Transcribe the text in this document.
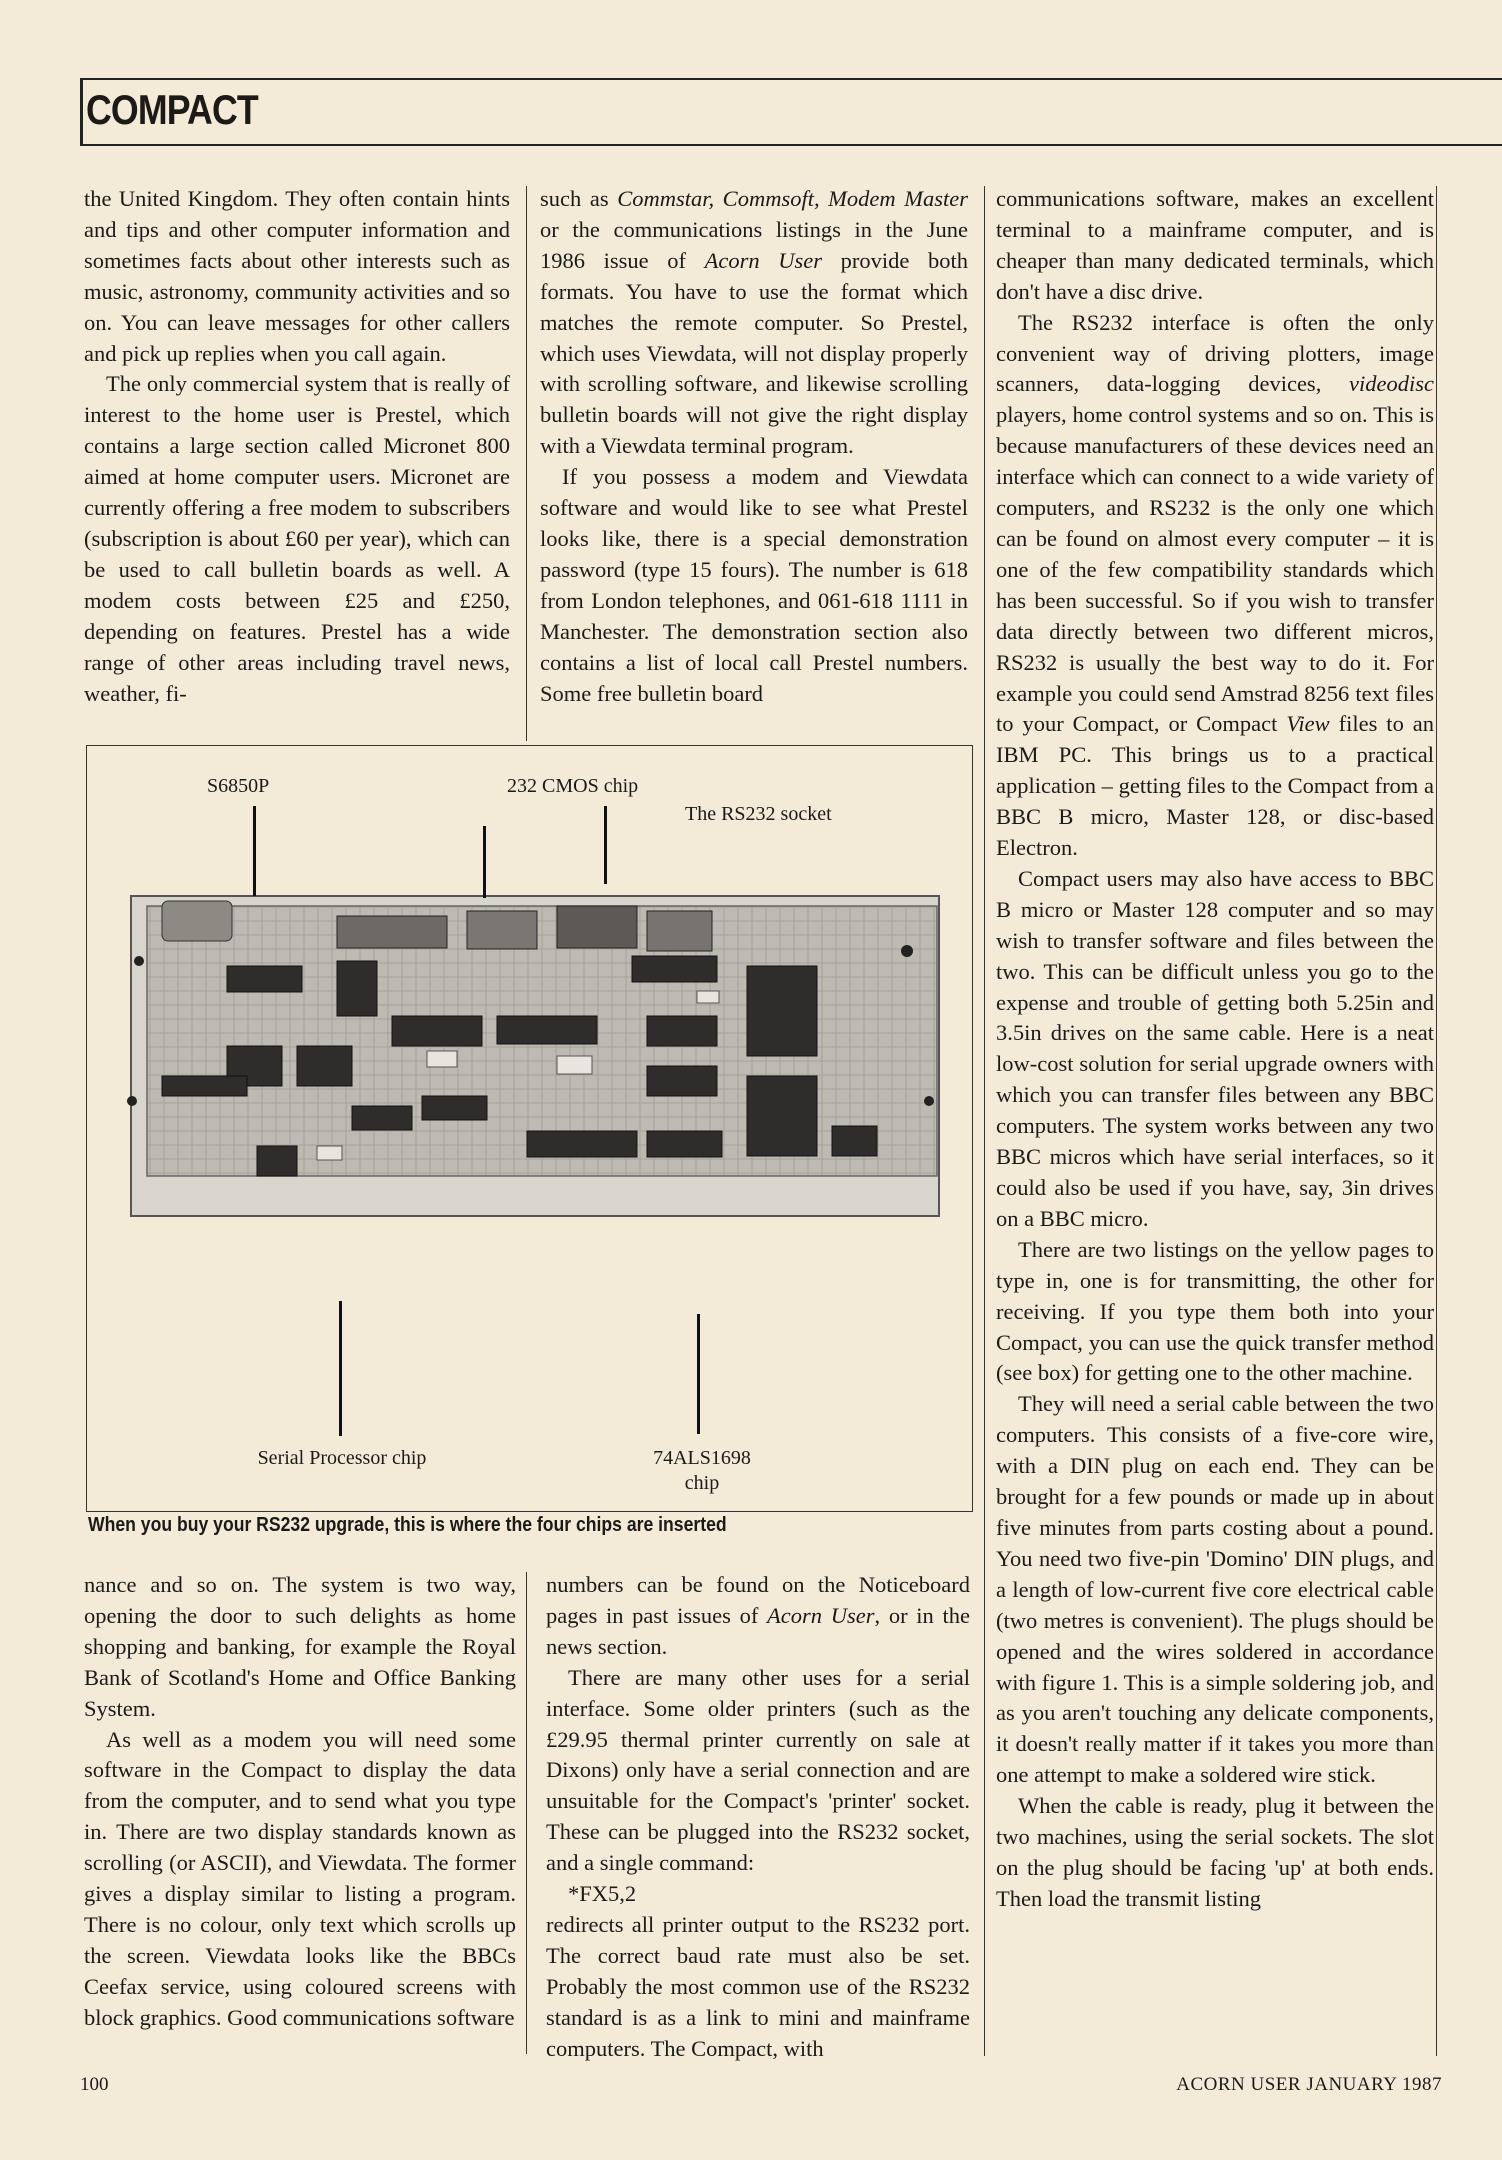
COMPACT

the United Kingdom. They often contain hints and tips and other computer information and sometimes facts about other interests such as music, astronomy, community activities and so on. You can leave messages for other callers and pick up replies when you call again.

The only commercial system that is really of interest to the home user is Prestel, which contains a large section called Micronet 800 aimed at home computer users. Micronet are currently offering a free modem to subscribers (subscription is about £60 per year), which can be used to call bulletin boards as well. A modem costs between £25 and £250, depending on features. Prestel has a wide range of other areas including travel news, weather, fi-

such as Commstar, Commsoft, Modem Master or the communications listings in the June 1986 issue of Acorn User provide both formats. You have to use the format which matches the remote computer. So Prestel, which uses Viewdata, will not display properly with scrolling software, and likewise scrolling bulletin boards will not give the right display with a Viewdata terminal program.

If you possess a modem and Viewdata software and would like to see what Prestel looks like, there is a special demonstration password (type 15 fours). The number is 618 from London telephones, and 061-618 1111 in Manchester. The demonstration section also contains a list of local call Prestel numbers. Some free bulletin board

S6850P	232 CMOS chip
The RS232 socket
Serial Processor chip	74ALS1698 chip
When you buy your RS232 upgrade, this is where the four chips are inserted

nance and so on. The system is two way, opening the door to such delights as home shopping and banking, for example the Royal Bank of Scotland's Home and Office Banking System.

As well as a modem you will need some software in the Compact to display the data from the computer, and to send what you type in. There are two display standards known as scrolling (or ASCII), and Viewdata. The former gives a display similar to listing a program. There is no colour, only text which scrolls up the screen. Viewdata looks like the BBCs Ceefax service, using coloured screens with block graphics. Good communications software

numbers can be found on the Noticeboard pages in past issues of Acorn User, or in the news section.

There are many other uses for a serial interface. Some older printers (such as the £29.95 thermal printer currently on sale at Dixons) only have a serial connection and are unsuitable for the Compact's 'printer' socket. These can be plugged into the RS232 socket, and a single command:

*FX5,2

redirects all printer output to the RS232 port. The correct baud rate must also be set. Probably the most common use of the RS232 standard is as a link to mini and mainframe computers. The Compact, with

communications software, makes an excellent terminal to a mainframe computer, and is cheaper than many dedicated terminals, which don't have a disc drive.

The RS232 interface is often the only convenient way of driving plotters, image scanners, data-logging devices, videodisc players, home control systems and so on. This is because manufacturers of these devices need an interface which can connect to a wide variety of computers, and RS232 is the only one which can be found on almost every computer – it is one of the few compatibility standards which has been successful. So if you wish to transfer data directly between two different micros, RS232 is usually the best way to do it. For example you could send Amstrad 8256 text files to your Compact, or Compact View files to an IBM PC. This brings us to a practical application – getting files to the Compact from a BBC B micro, Master 128, or disc-based Electron.

Compact users may also have access to BBC B micro or Master 128 computer and so may wish to transfer software and files between the two. This can be difficult unless you go to the expense and trouble of getting both 5.25in and 3.5in drives on the same cable. Here is a neat low-cost solution for serial upgrade owners with which you can transfer files between any BBC computers. The system works between any two BBC micros which have serial interfaces, so it could also be used if you have, say, 3in drives on a BBC micro.

There are two listings on the yellow pages to type in, one is for transmitting, the other for receiving. If you type them both into your Compact, you can use the quick transfer method (see box) for getting one to the other machine.

They will need a serial cable between the two computers. This consists of a five-core wire, with a DIN plug on each end. They can be brought for a few pounds or made up in about five minutes from parts costing about a pound. You need two five-pin 'Domino' DIN plugs, and a length of low-current five core electrical cable (two metres is convenient). The plugs should be opened and the wires soldered in accordance with figure 1. This is a simple soldering job, and as you aren't touching any delicate components, it doesn't really matter if it takes you more than one attempt to make a soldered wire stick.

When the cable is ready, plug it between the two machines, using the serial sockets. The slot on the plug should be facing 'up' at both ends. Then load the transmit listing

100	ACORN USER JANUARY 1987
